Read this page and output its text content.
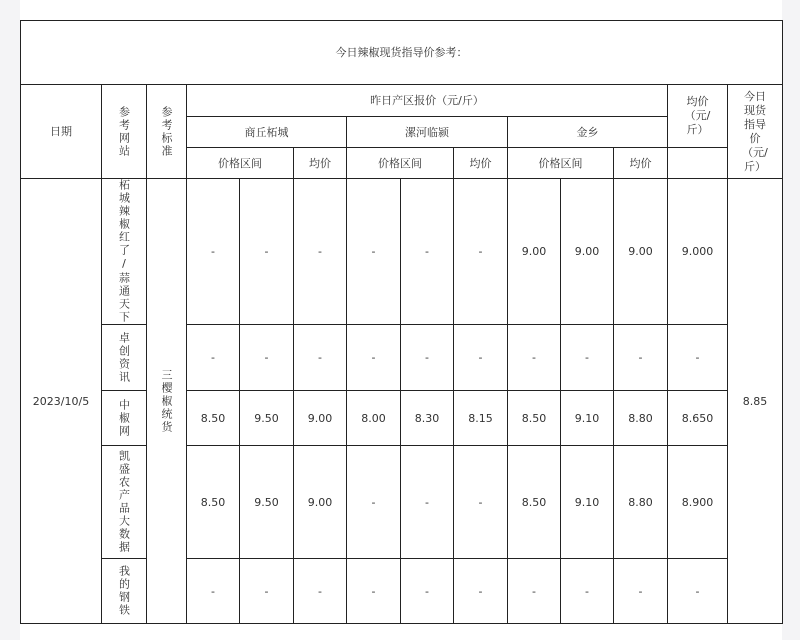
今日辣椒现货指导价参考：													
日期	参考网站	参考标准	昨日产区报价（元/斤）									均价（元/斤）	今日现货指导价（元/斤）
			商丘柘城			漯河临颍			金乡				
			价格区间		均价	价格区间		均价	价格区间		均价		
2023/10/5	柘城辣椒红了/蒜通天下	三樱椒统货	-	-	-	-	-	-	9.00	9.00	9.00	9.000	8.85
	卓创资讯		-	-	-	-	-	-	-	-	-	-	
	中椒网		8.50	9.50	9.00	8.00	8.30	8.15	8.50	9.10	8.80	8.650	
	凯盛农产品大数据		8.50	9.50	9.00	-	-	-	8.50	9.10	8.80	8.900	
	我的钢铁		-	-	-	-	-	-	-	-	-	-	
